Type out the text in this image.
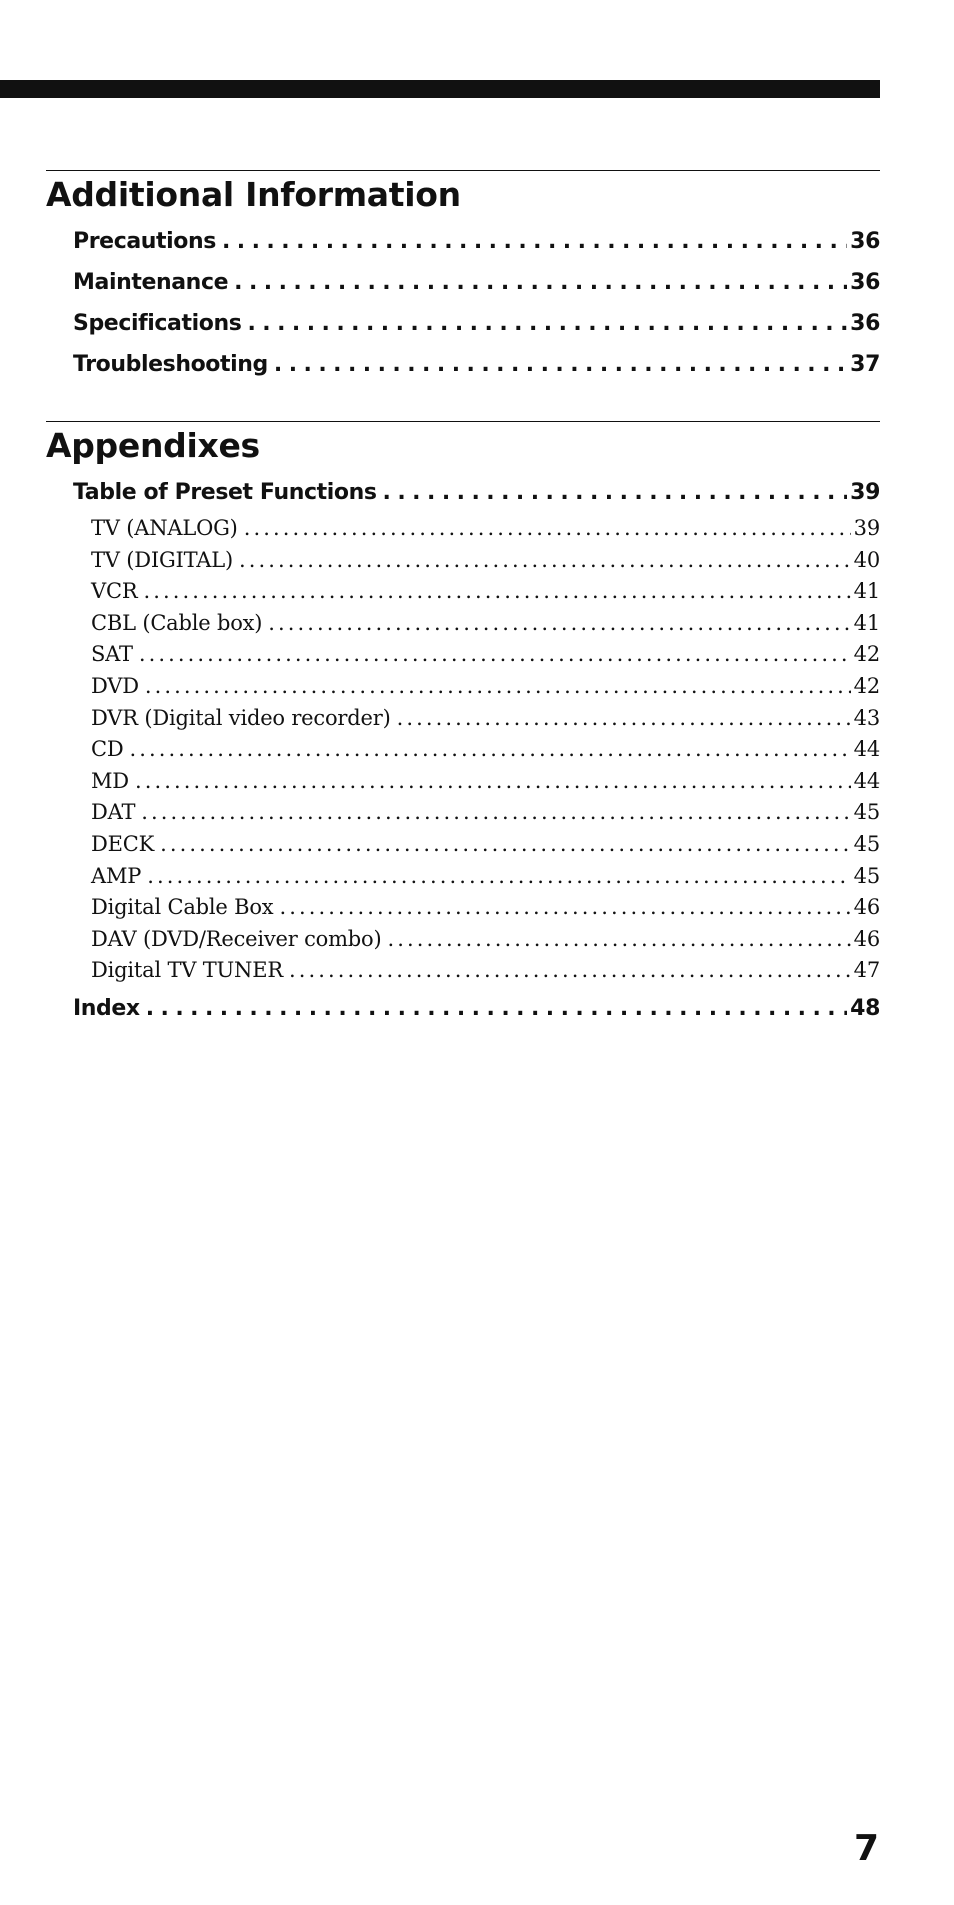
Additional Information
Precautions . . .	36
Maintenance . . .	36
Specifications . . .	36
Troubleshooting . . .	37
Appendixes
Table of Preset Functions . . .	39
TV (ANALOG) . . .	39
TV (DIGITAL) . . .	40
VCR . . .	41
CBL (Cable box) . . .	41
SAT . . .	42
DVD . . .	42
DVR (Digital video recorder) . . .	43
CD . . .	44
MD . . .	44
DAT . . .	45
DECK . . .	45
AMP . . .	45
Digital Cable Box . . .	46
DAV (DVD/Receiver combo) . . .	46
Digital TV TUNER . . .	47
Index . . .	48
7
